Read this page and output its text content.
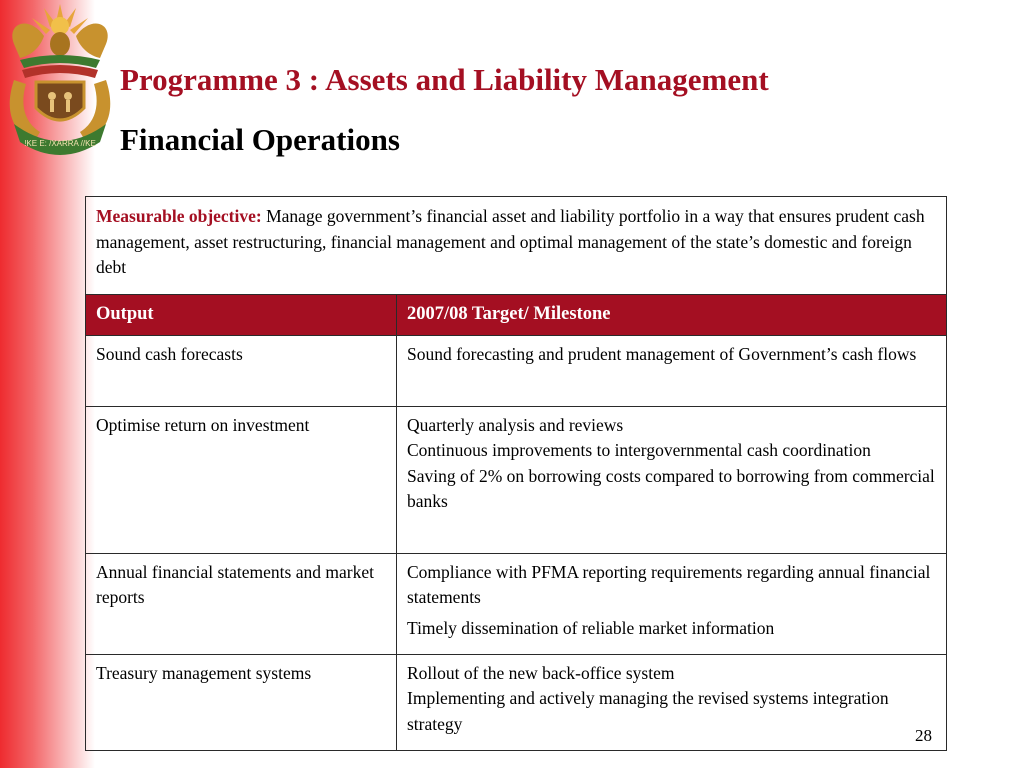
!KE E: /XARRA //KE
Programme 3 : Assets and Liability Management
Financial Operations
Measurable objective: Manage government’s financial asset and liability portfolio in a way that ensures prudent cash management, asset restructuring, financial management and optimal management of the state’s domestic and foreign debt	
Output	2007/08 Target/ Milestone
Sound cash forecasts	Sound forecasting and prudent management of Government’s cash flows

Optimise return on investment	Quarterly analysis and reviews
Continuous improvements to intergovernmental cash coordination
Saving of 2% on borrowing costs compared to borrowing from commercial banks

Annual financial statements and market reports	Compliance with PFMA reporting requirements regarding annual financial statements
Timely dissemination of reliable market information

Treasury management systems	Rollout of the new back-office system
Implementing and actively managing the revised systems integration strategy
28
